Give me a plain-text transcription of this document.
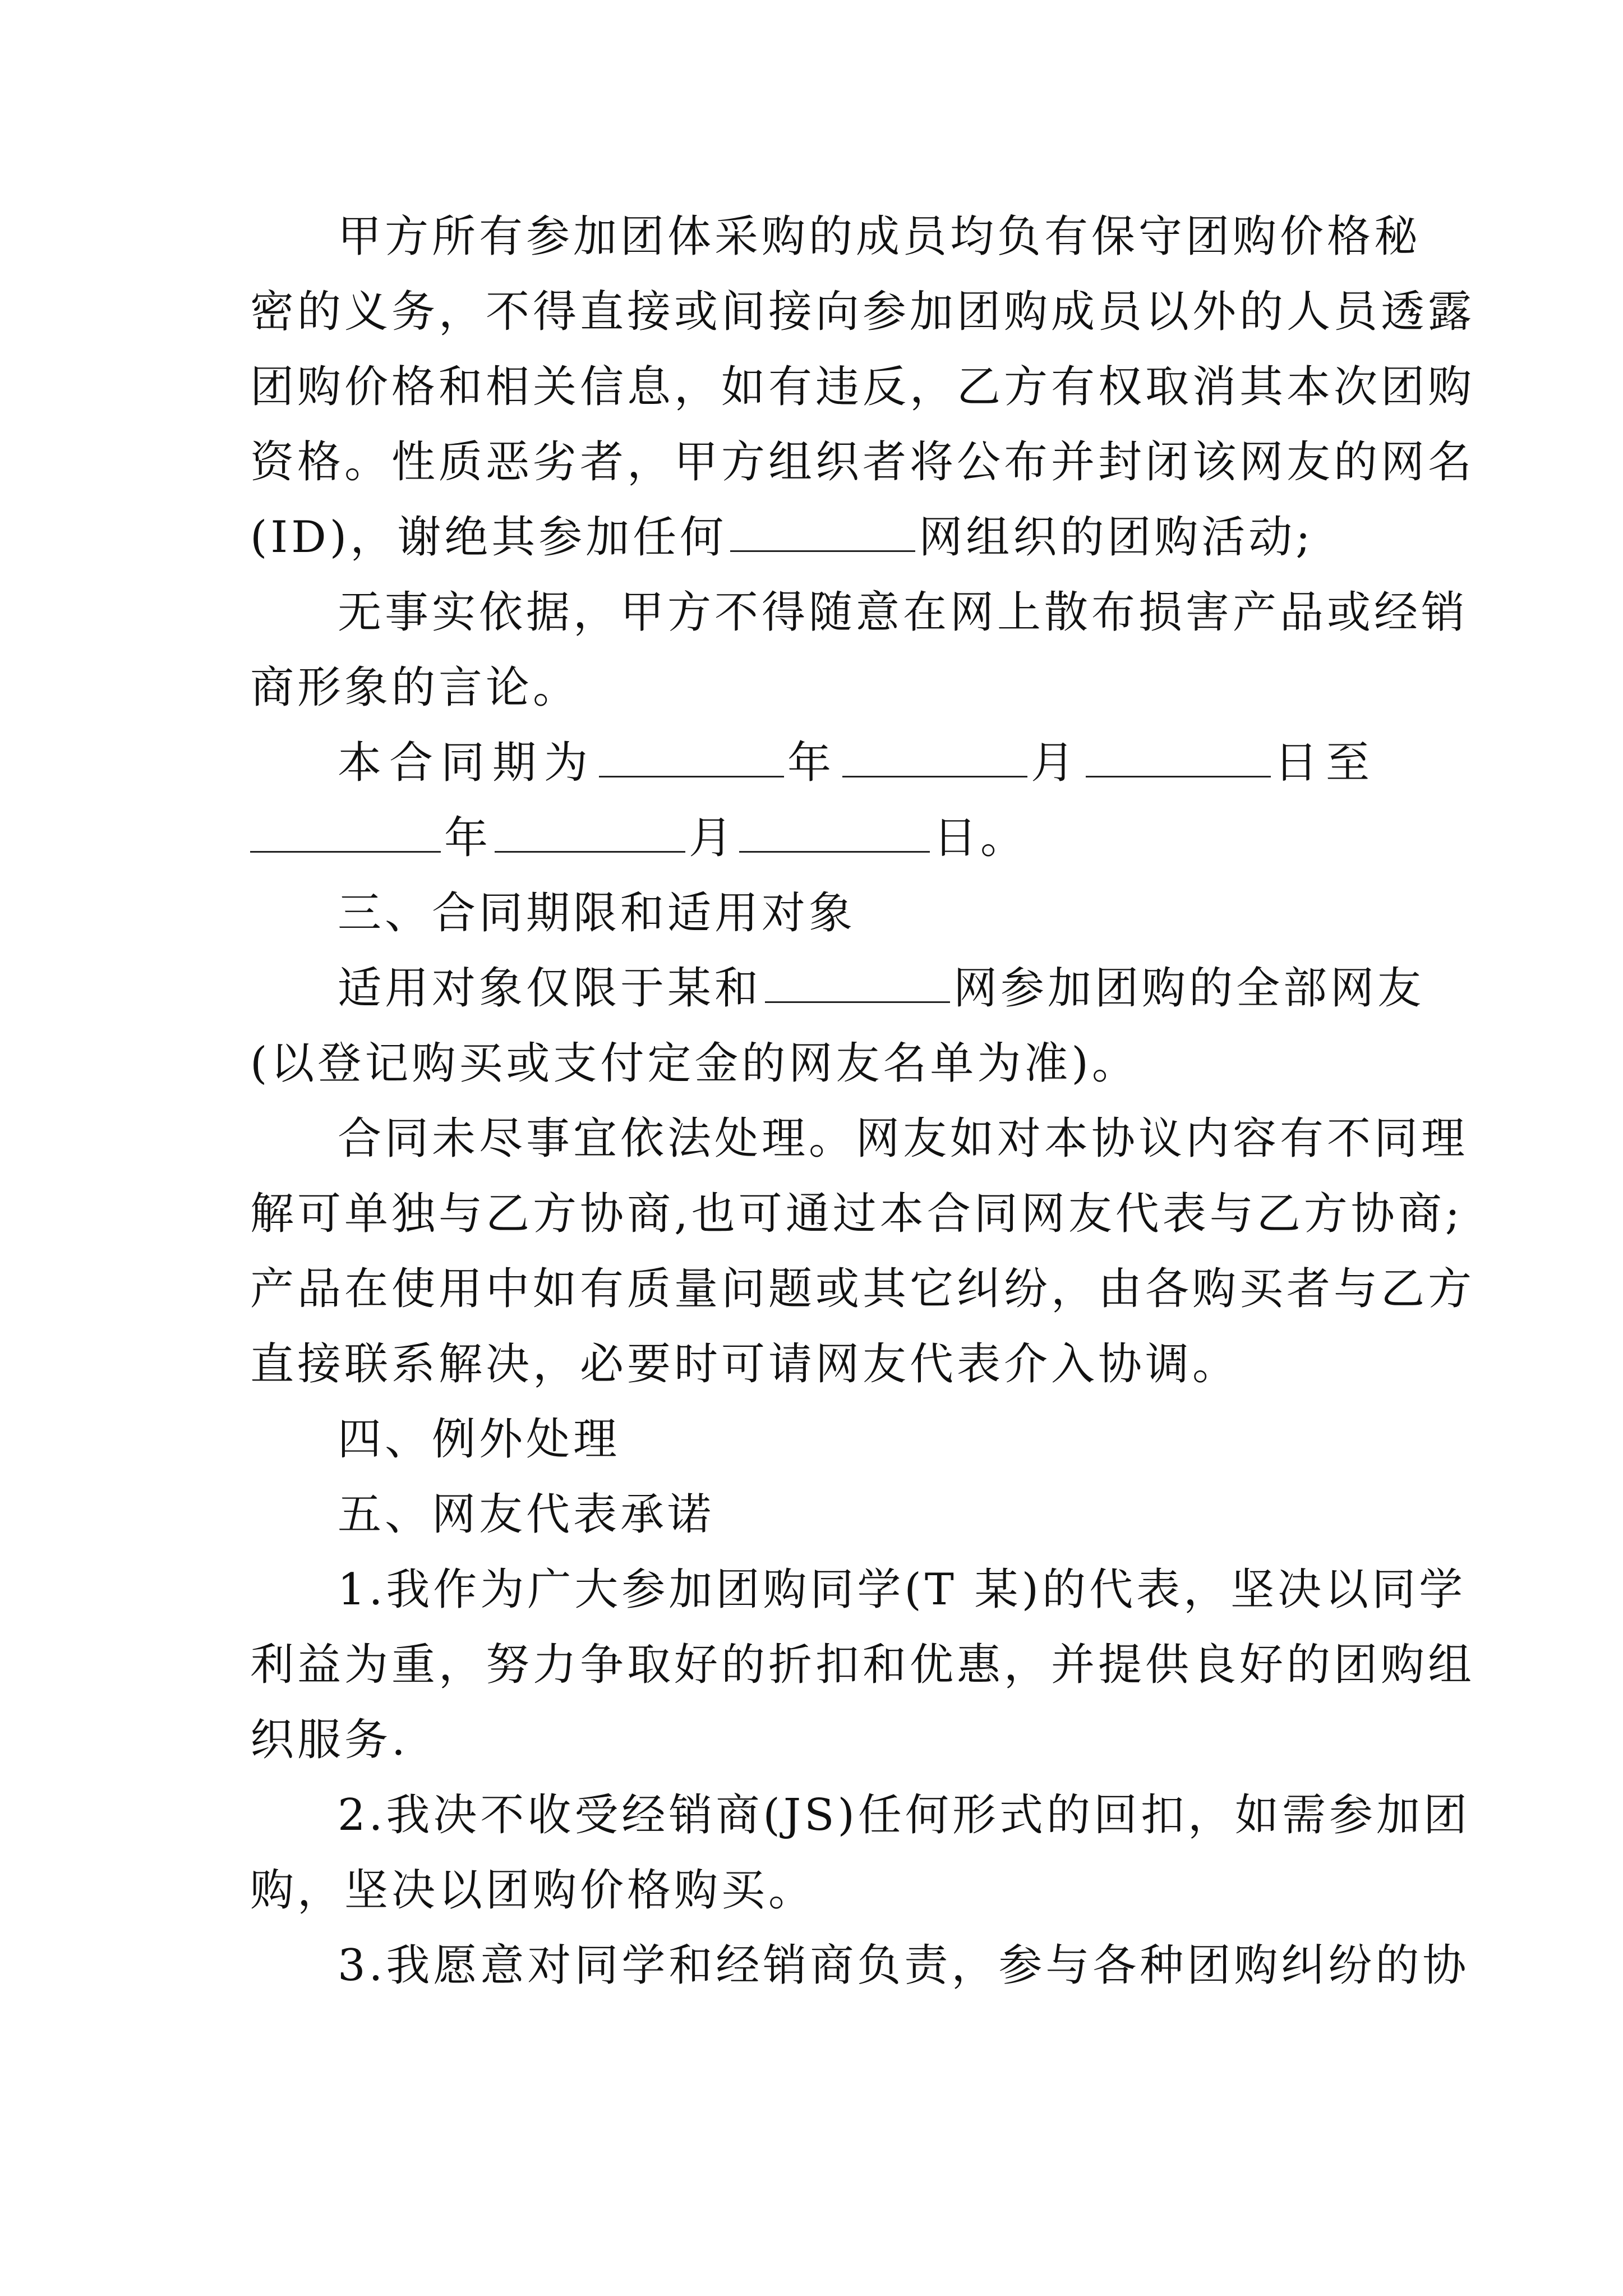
甲方所有参加团体采购的成员均负有保守团购价格秘
密的义务，不得直接或间接向参加团购成员以外的人员透露
团购价格和相关信息，如有违反，乙方有权取消其本次团购
资格。性质恶劣者，甲方组织者将公布并封闭该网友的网名
(ID)，谢绝其参加任何	网组织的团购活动;
无事实依据，甲方不得随意在网上散布损害产品或经销
商形象的言论。
本合同期为	年	月	日至
年	月	日。
三、合同期限和适用对象
适用对象仅限于某和	网参加团购的全部网友
(以登记购买或支付定金的网友名单为准)。
合同未尽事宜依法处理。网友如对本协议内容有不同理
解可单独与乙方协商,也可通过本合同网友代表与乙方协商;
产品在使用中如有质量问题或其它纠纷，由各购买者与乙方
直接联系解决，必要时可请网友代表介入协调。
四、例外处理
五、网友代表承诺
1.我作为广大参加团购同学(T 某)的代表，坚决以同学
利益为重，努力争取好的折扣和优惠，并提供良好的团购组
织服务.
2.我决不收受经销商(JS)任何形式的回扣，如需参加团
购，坚决以团购价格购买。
3.我愿意对同学和经销商负责，参与各种团购纠纷的协
